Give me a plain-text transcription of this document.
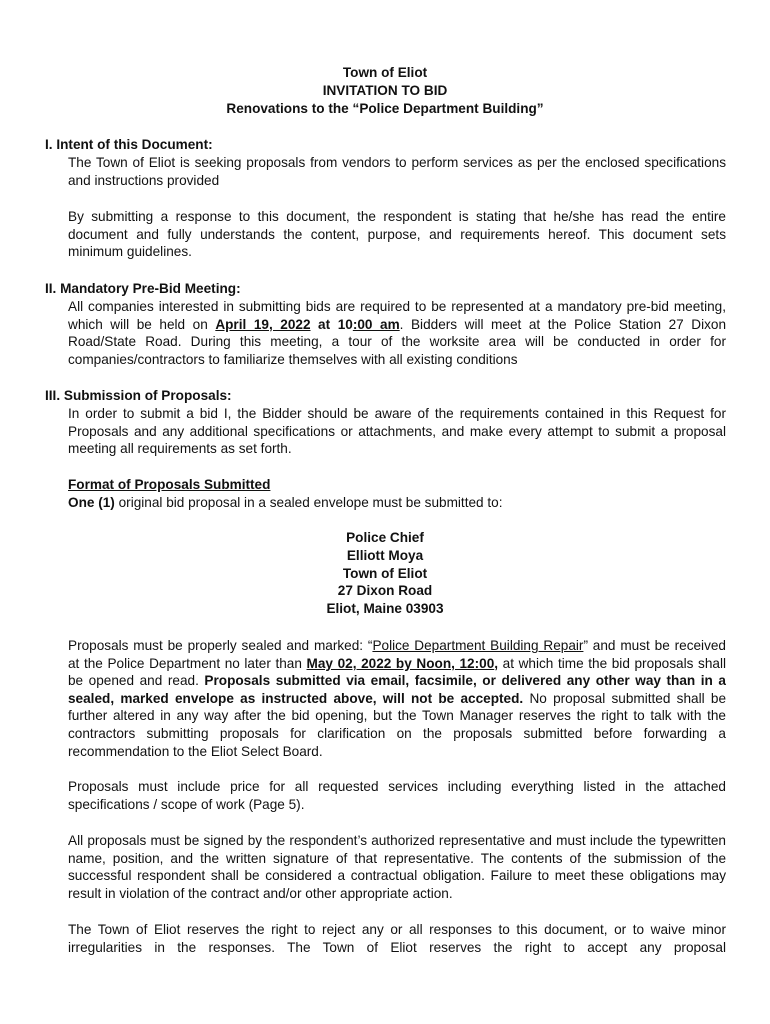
Town of Eliot
INVITATION TO BID
Renovations to the “Police Department Building”
I. Intent of this Document:
The Town of Eliot is seeking proposals from vendors to perform services as per the enclosed specifications and instructions provided
By submitting a response to this document, the respondent is stating that he/she has read the entire document and fully understands the content, purpose, and requirements hereof. This document sets minimum guidelines.
II. Mandatory Pre-Bid Meeting:
All companies interested in submitting bids are required to be represented at a mandatory pre-bid meeting, which will be held on April 19, 2022 at 10:00 am. Bidders will meet at the Police Station 27 Dixon Road/State Road. During this meeting, a tour of the worksite area will be conducted in order for companies/contractors to familiarize themselves with all existing conditions
III. Submission of Proposals:
In order to submit a bid I, the Bidder should be aware of the requirements contained in this Request for Proposals and any additional specifications or attachments, and make every attempt to submit a proposal meeting all requirements as set forth.
Format of Proposals Submitted
One (1) original bid proposal in a sealed envelope must be submitted to:
Police Chief
Elliott Moya
Town of Eliot
27 Dixon Road
Eliot, Maine 03903
Proposals must be properly sealed and marked: “Police Department Building Repair” and must be received at the Police Department no later than May 02, 2022 by Noon, 12:00, at which time the bid proposals shall be opened and read. Proposals submitted via email, facsimile, or delivered any other way than in a sealed, marked envelope as instructed above, will not be accepted. No proposal submitted shall be further altered in any way after the bid opening, but the Town Manager reserves the right to talk with the contractors submitting proposals for clarification on the proposals submitted before forwarding a recommendation to the Eliot Select Board.
Proposals must include price for all requested services including everything listed in the attached specifications / scope of work (Page 5).
All proposals must be signed by the respondent’s authorized representative and must include the typewritten name, position, and the written signature of that representative. The contents of the submission of the successful respondent shall be considered a contractual obligation. Failure to meet these obligations may result in violation of the contract and/or other appropriate action.
The Town of Eliot reserves the right to reject any or all responses to this document, or to waive minor irregularities in the responses. The Town of Eliot reserves the right to accept any proposal
